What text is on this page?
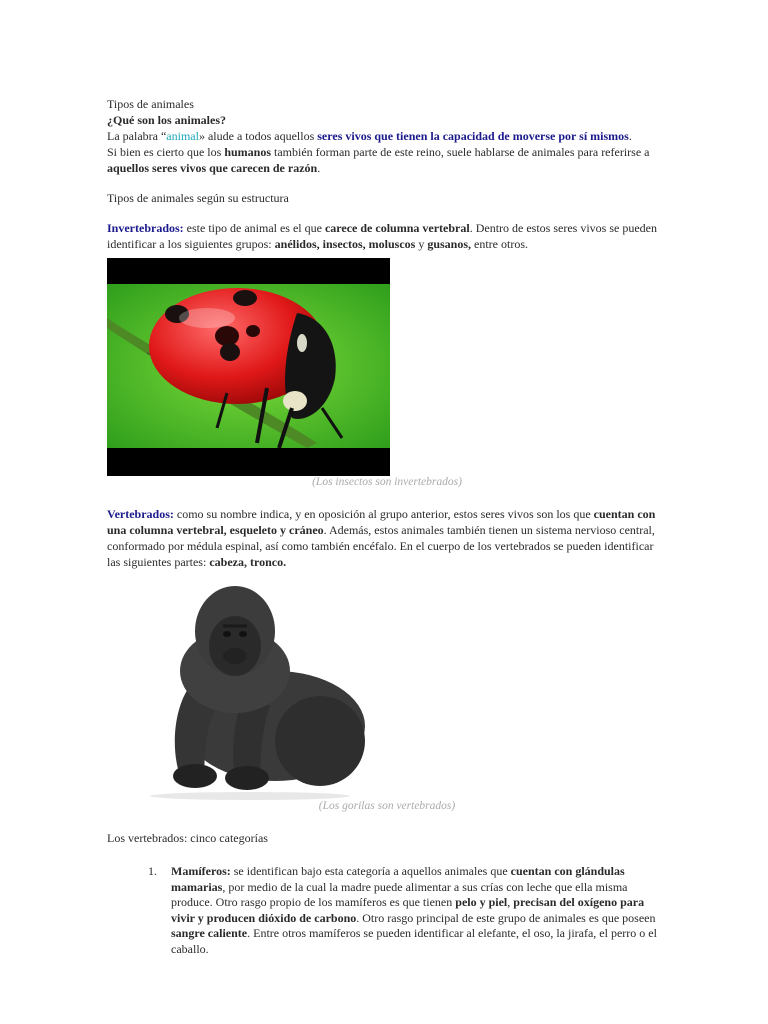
Tipos de animales

¿Qué son los animales?

La palabra “animal» alude a todos aquellos seres vivos que tienen la capacidad de moverse por sí mismos.

Si bien es cierto que los humanos también forman parte de este reino, suele hablarse de animales para referirse a aquellos seres vivos que carecen de razón.

Tipos de animales según su estructura

Invertebrados: este tipo de animal es el que carece de columna vertebral. Dentro de estos seres vivos se pueden identificar a los siguientes grupos: anélidos, insectos, moluscos y gusanos, entre otros.

(Los insectos son invertebrados)

Vertebrados: como su nombre indica, y en oposición al grupo anterior, estos seres vivos son los que cuentan con una columna vertebral, esqueleto y cráneo. Además, estos animales también tienen un sistema nervioso central, conformado por médula espinal, así como también encéfalo. En el cuerpo de los vertebrados se pueden identificar las siguientes partes: cabeza, tronco.

(Los gorilas son vertebrados)

Los vertebrados: cinco categorías

1. Mamíferos: se identifican bajo esta categoría a aquellos animales que cuentan con glándulas mamarias, por medio de la cual la madre puede alimentar a sus crías con leche que ella misma produce. Otro rasgo propio de los mamíferos es que tienen pelo y piel, precisan del oxígeno para vivir y producen dióxido de carbono. Otro rasgo principal de este grupo de animales es que poseen sangre caliente. Entre otros mamíferos se pueden identificar al elefante, el oso, la jirafa, el perro o el caballo.
